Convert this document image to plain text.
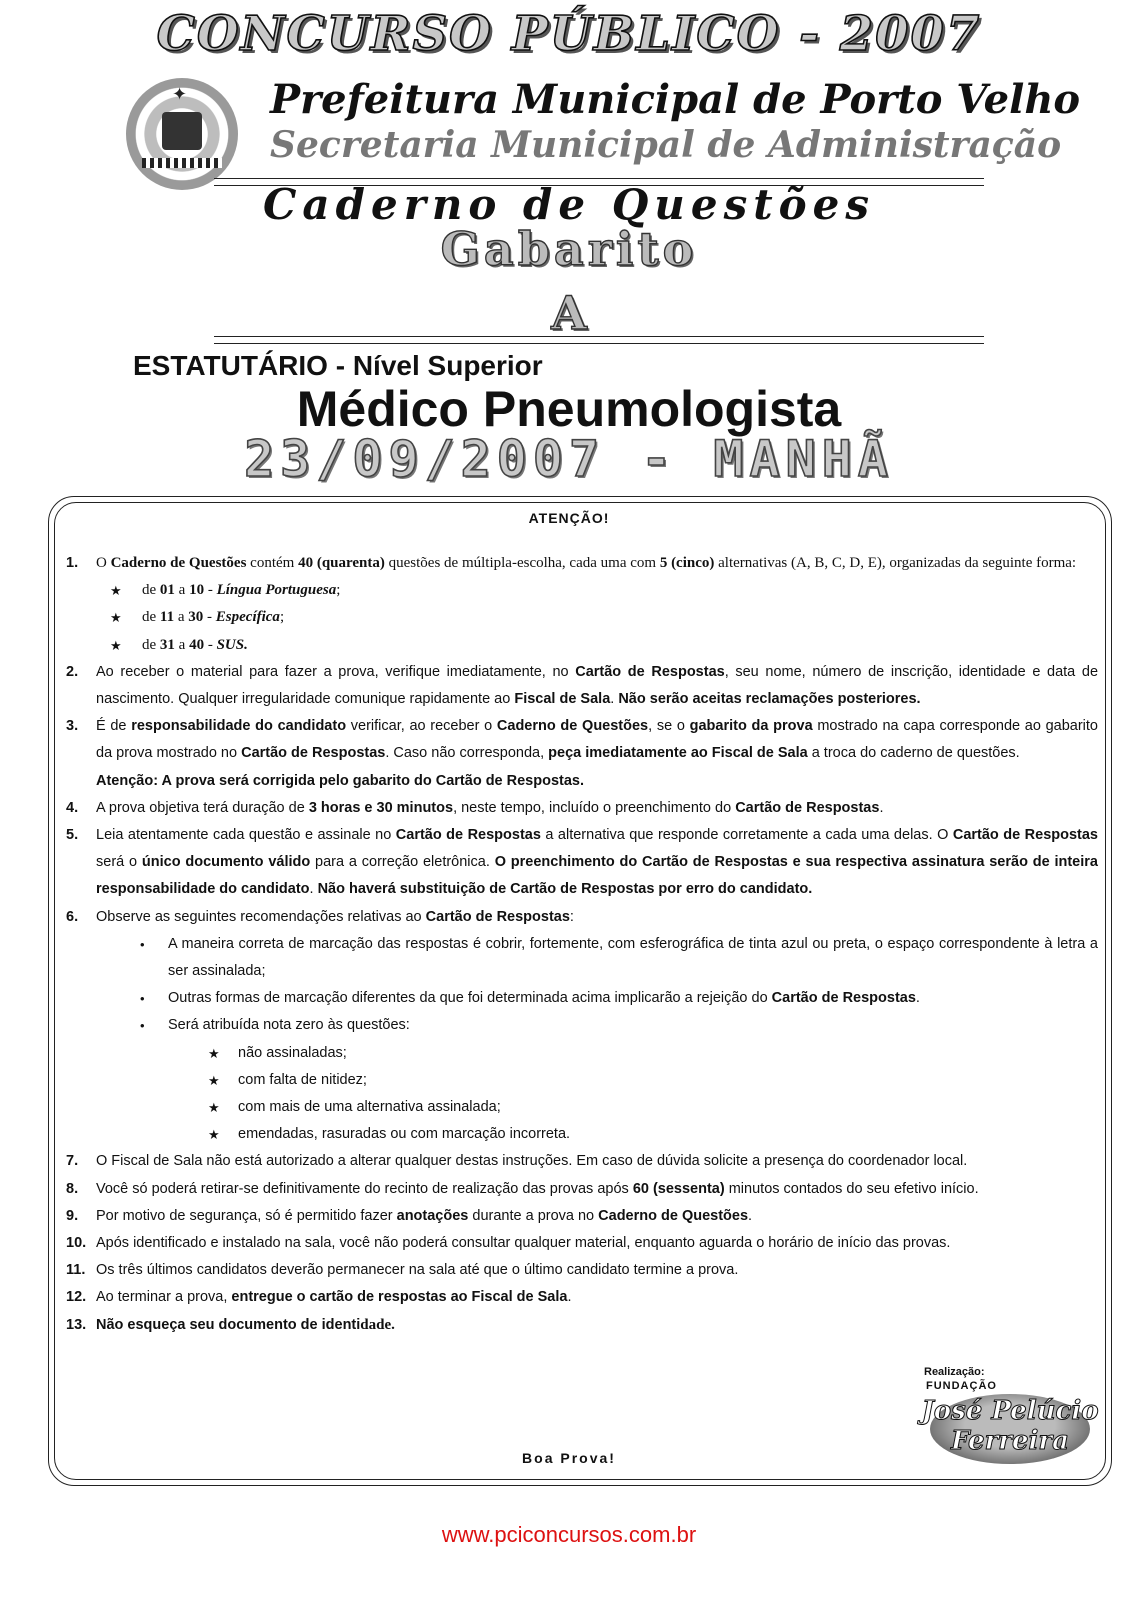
CONCURSO PÚBLICO - 2007
✦ Prefeitura Municipal de Porto Velho
Secretaria Municipal de Administração
Caderno de Questões
Gabarito
A
ESTATUTÁRIO - Nível Superior
Médico Pneumologista
23/09/2007 - MANHÃ
ATENÇÃO!
1. O Caderno de Questões contém 40 (quarenta) questões de múltipla-escolha, cada uma com 5 (cinco) alternativas (A, B, C, D, E), organizadas da seguinte forma:
★ de 01 a 10 - Língua Portuguesa;
★ de 11 a 30 - Específica;
★ de 31 a 40 - SUS.
2. Ao receber o material para fazer a prova, verifique imediatamente, no Cartão de Respostas, seu nome, número de inscrição, identidade e data de nascimento. Qualquer irregularidade comunique rapidamente ao Fiscal de Sala. Não serão aceitas reclamações posteriores.
3. É de responsabilidade do candidato verificar, ao receber o Caderno de Questões, se o gabarito da prova mostrado na capa corresponde ao gabarito da prova mostrado no Cartão de Respostas. Caso não corresponda, peça imediatamente ao Fiscal de Sala a troca do caderno de questões.
Atenção: A prova será corrigida pelo gabarito do Cartão de Respostas.
4. A prova objetiva terá duração de 3 horas e 30 minutos, neste tempo, incluído o preenchimento do Cartão de Respostas.
5. Leia atentamente cada questão e assinale no Cartão de Respostas a alternativa que responde corretamente a cada uma delas. O Cartão de Respostas será o único documento válido para a correção eletrônica. O preenchimento do Cartão de Respostas e sua respectiva assinatura serão de inteira responsabilidade do candidato. Não haverá substituição de Cartão de Respostas por erro do candidato.
6. Observe as seguintes recomendações relativas ao Cartão de Respostas:
• A maneira correta de marcação das respostas é cobrir, fortemente, com esferográfica de tinta azul ou preta, o espaço correspondente à letra a ser assinalada;
• Outras formas de marcação diferentes da que foi determinada acima implicarão a rejeição do Cartão de Respostas.
• Será atribuída nota zero às questões:
★ não assinaladas;
★ com falta de nitidez;
★ com mais de uma alternativa assinalada;
★ emendadas, rasuradas ou com marcação incorreta.
7. O Fiscal de Sala não está autorizado a alterar qualquer destas instruções. Em caso de dúvida solicite a presença do coordenador local.
8. Você só poderá retirar-se definitivamente do recinto de realização das provas após 60 (sessenta) minutos contados do seu efetivo início.
9. Por motivo de segurança, só é permitido fazer anotações durante a prova no Caderno de Questões.
10. Após identificado e instalado na sala, você não poderá consultar qualquer material, enquanto aguarda o horário de início das provas.
11. Os três últimos candidatos deverão permanecer na sala até que o último candidato termine a prova.
12. Ao terminar a prova, entregue o cartão de respostas ao Fiscal de Sala.
13. Não esqueça seu documento de identidade.
Realização:
FUNDAÇÃO
José Pelúcio
Ferreira
Boa Prova!
www.pciconcursos.com.br
